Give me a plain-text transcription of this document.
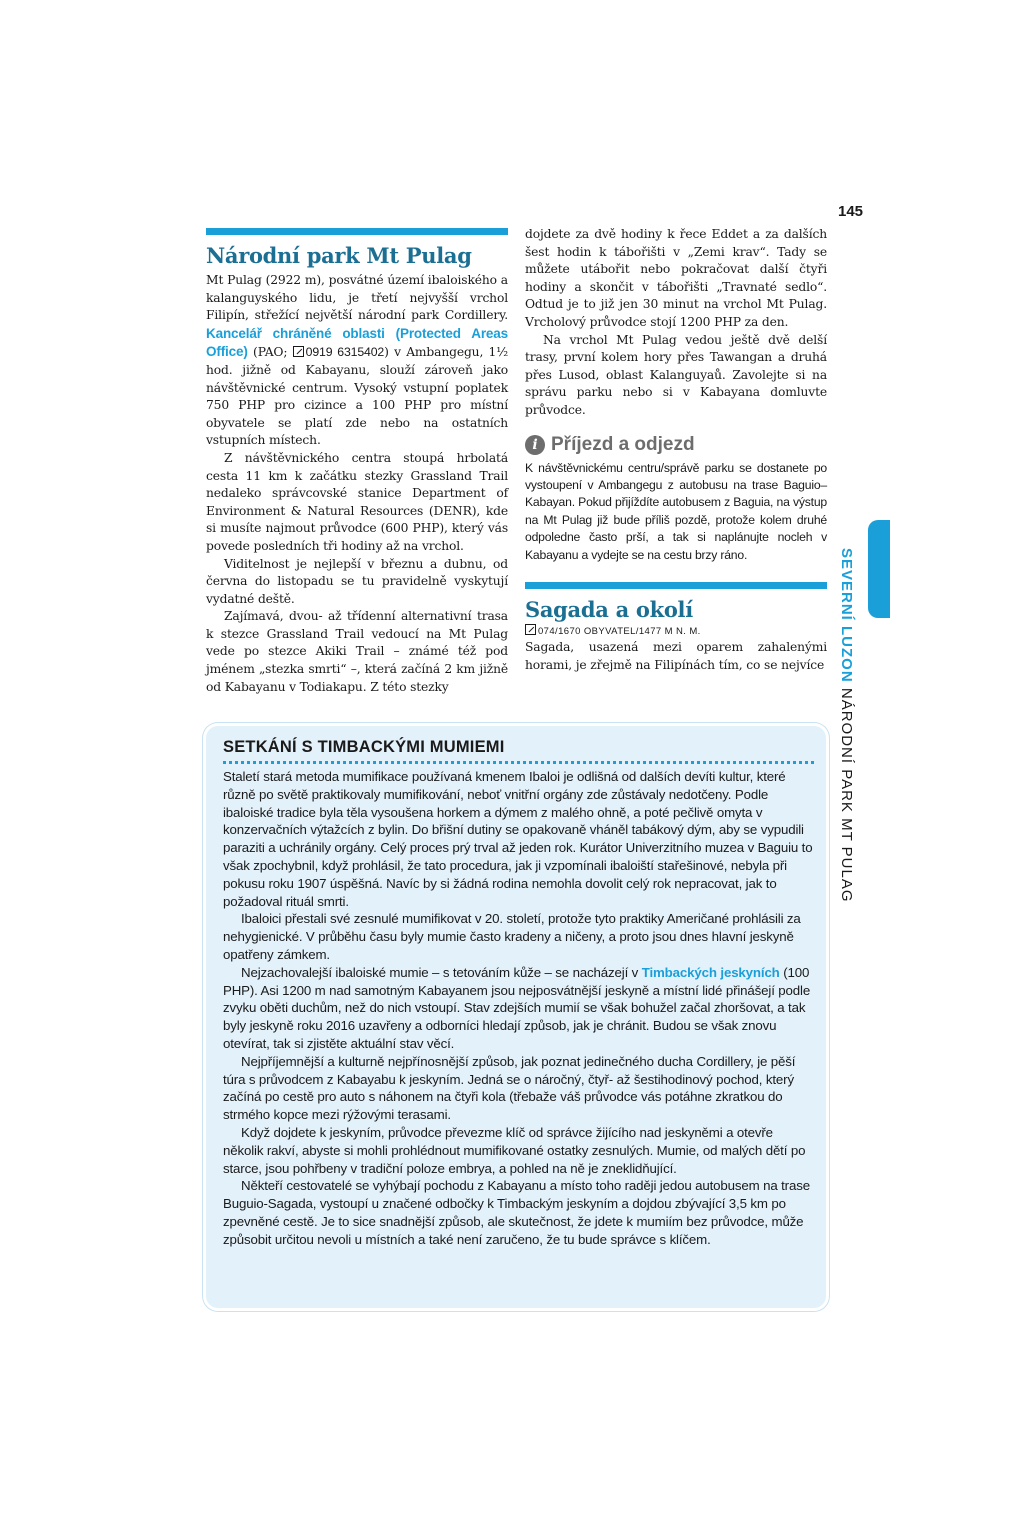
145
Národní park Mt Pulag

Mt Pulag (2922 m), posvátné území ibaloiského a kalanguyského lidu, je třetí nejvyšší vrchol Filipín, střežící největší národní park Cordillery. Kancelář chráněné oblasti (Protected Areas Office) (PAO; 0919 6315402) v Ambangegu, 1½ hod. jižně od Kabayanu, slouží zároveň jako návštěvnické centrum. Vysoký vstupní poplatek 750 PHP pro cizince a 100 PHP pro místní obyvatele se platí zde nebo na ostatních vstupních místech.

Z návštěvnického centra stoupá hrbolatá cesta 11 km k začátku stezky Grassland Trail nedaleko správcovské stanice Department of Environment & Natural Resources (DENR), kde si musíte najmout průvodce (600 PHP), který vás povede posledních tři hodiny až na vrchol.

Viditelnost je nejlepší v březnu a dubnu, od června do listopadu se tu pravidelně vyskytují vydatné deště.

Zajímavá, dvou- až třídenní alternativní trasa k stezce Grassland Trail vedoucí na Mt Pulag vede po stezce Akiki Trail – známé též pod jménem „stezka smrti“ –, která začíná 2 km jižně od Kabayanu v Todiakapu. Z této stezky

dojdete za dvě hodiny k řece Eddet a za dalších šest hodin k tábořišti v „Zemi krav“. Tady se můžete utábořit nebo pokračovat další čtyři hodiny a skončit v tábořišti „Travnaté sedlo“. Odtud je to již jen 30 minut na vrchol Mt Pulag. Vrcholový průvodce stojí 1200 PHP za den.

Na vrchol Mt Pulag vedou ještě dvě delší trasy, první kolem hory přes Tawangan a druhá přes Lusod, oblast Kalanguyaů. Zavolejte si na správu parku nebo si v Kabayana domluvte průvodce.

i Příjezd a odjezd

K návštěvnickému centru/správě parku se dostanete po vystoupení v Ambangegu z autobusu na trase Baguio–Kabayan. Pokud přijíždíte autobusem z Baguia, na výstup na Mt Pulag již bude příliš pozdě, protože kolem druhé odpoledne často prší, a tak si naplánujte nocleh v Kabayanu a vydejte se na cestu brzy ráno.

Sagada a okolí
074/1670 OBYVATEL/1477 M N. M.

Sagada, usazená mezi oparem zahalenými horami, je zřejmě na Filipínách tím, co se nejvíce SEVERNÍ LUZON NÁRODNÍ PARK MT PULAG
SETKÁNÍ S TIMBACKÝMI MUMIEMI

Staletí stará metoda mumifikace používaná kmenem Ibaloi je odlišná od dalších devíti kultur, které různě po světě praktikovaly mumifikování, neboť vnitřní orgány zde zůstávaly nedotčeny. Podle ibaloiské tradice byla těla vysoušena horkem a dýmem z malého ohně, a poté pečlivě omyta v konzervačních výtažcích z bylin. Do břišní dutiny se opakovaně vháněl tabákový dým, aby se vypudili paraziti a uchránily orgány. Celý proces prý trval až jeden rok. Kurátor Univerzitního muzea v Baguiu to však zpochybnil, když prohlásil, že tato procedura, jak ji vzpomínali ibaloiští stařešinové, nebyla při pokusu roku 1907 úspěšná. Navíc by si žádná rodina nemohla dovolit celý rok nepracovat, jak to požadoval rituál smrti.

Ibaloici přestali své zesnulé mumifikovat v 20. století, protože tyto praktiky Američané prohlásili za nehygienické. V průběhu času byly mumie často kradeny a ničeny, a proto jsou dnes hlavní jeskyně opatřeny zámkem.

Nejzachovalejší ibaloiské mumie – s tetováním kůže – se nacházejí v Timbackých jeskyních (100 PHP). Asi 1200 m nad samotným Kabayanem jsou nejposvátnější jeskyně a místní lidé přinášejí podle zvyku oběti duchům, než do nich vstoupí. Stav zdejších mumií se však bohužel začal zhoršovat, a tak byly jeskyně roku 2016 uzavřeny a odborníci hledají způsob, jak je chránit. Budou se však znovu otevírat, tak si zjistěte aktuální stav věcí.

Nejpříjemnější a kulturně nejpřínosnější způsob, jak poznat jedinečného ducha Cordillery, je pěší túra s průvodcem z Kabayabu k jeskyním. Jedná se o náročný, čtyř- až šestihodinový pochod, který začíná po cestě pro auto s náhonem na čtyři kola (třebaže váš průvodce vás potáhne zkratkou do strmého kopce mezi rýžovými terasami.

Když dojdete k jeskyním, průvodce převezme klíč od správce žijícího nad jeskyněmi a otevře několik rakví, abyste si mohli prohlédnout mumifikované ostatky zesnulých. Mumie, od malých dětí po starce, jsou pohřbeny v tradiční poloze embrya, a pohled na ně je zneklidňující.

Někteří cestovatelé se vyhýbají pochodu z Kabayanu a místo toho raději jedou autobusem na trase Buguio-Sagada, vystoupí u značené odbočky k Timbackým jeskyním a dojdou zbývající 3,5 km po zpevněné cestě. Je to sice snadnější způsob, ale skutečnost, že jdete k mumiím bez průvodce, může způsobit určitou nevoli u místních a také není zaručeno, že tu bude správce s klíčem.
